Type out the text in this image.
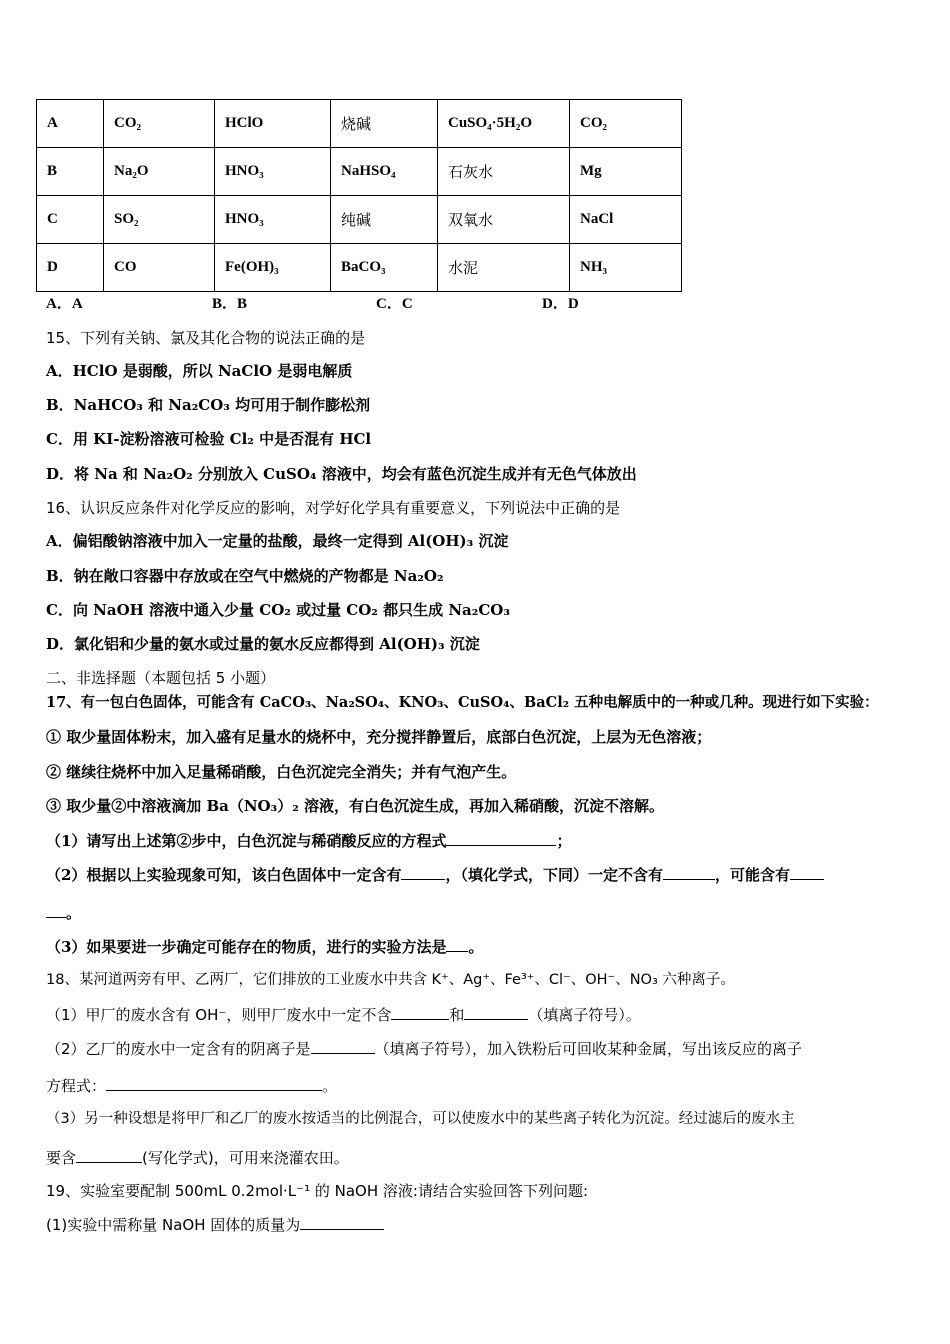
A	CO₂	HClO	烧碱	CuSO₄·5H₂O	CO₂
B	Na₂O	HNO₃	NaHSO₄	石灰水	Mg
C	SO₂	HNO₃	纯碱	双氧水	NaCl
D	CO	Fe(OH)₃	BaCO₃	水泥	NH₃
A．A	B．B	C．C	D．D
15、下列有关钠、氯及其化合物的说法正确的是
A．HClO 是弱酸，所以 NaClO 是弱电解质
B．NaHCO₃ 和 Na₂CO₃ 均可用于制作膨松剂
C．用 KI-淀粉溶液可检验 Cl₂ 中是否混有 HCl
D．将 Na 和 Na₂O₂ 分别放入 CuSO₄ 溶液中，均会有蓝色沉淀生成并有无色气体放出
16、认识反应条件对化学反应的影响，对学好化学具有重要意义，下列说法中正确的是
A．偏铝酸钠溶液中加入一定量的盐酸，最终一定得到 Al(OH)₃ 沉淀
B．钠在敞口容器中存放或在空气中燃烧的产物都是 Na₂O₂
C．向 NaOH 溶液中通入少量 CO₂ 或过量 CO₂ 都只生成 Na₂CO₃
D．氯化铝和少量的氨水或过量的氨水反应都得到 Al(OH)₃ 沉淀
二、非选择题（本题包括 5 小题）
17、有一包白色固体，可能含有 CaCO₃、Na₂SO₄、KNO₃、CuSO₄、BaCl₂ 五种电解质中的一种或几种。现进行如下实验：
① 取少量固体粉末，加入盛有足量水的烧杯中，充分搅拌静置后，底部白色沉淀，上层为无色溶液；
② 继续往烧杯中加入足量稀硝酸，白色沉淀完全消失；并有气泡产生。
③ 取少量②中溶液滴加 Ba（NO₃）₂ 溶液，有白色沉淀生成，再加入稀硝酸，沉淀不溶解。
（1）请写出上述第②步中，白色沉淀与稀硝酸反应的方程式	；
（2）根据以上实验现象可知，该白色固体中一定含有	，（填化学式，下同）一定不含有	，可能含有
。
（3）如果要进一步确定可能存在的物质，进行的实验方法是 。
18、某河道两旁有甲、乙两厂，它们排放的工业废水中共含 K⁺、Ag⁺、Fe³⁺、Cl⁻、OH⁻、NO₃ 六种离子。
（1）甲厂的废水含有 OH⁻，则甲厂废水中一定不含	和	（填离子符号）。
（2）乙厂的废水中一定含有的阴离子是	（填离子符号），加入铁粉后可回收某种金属，写出该反应的离子
方程式：	。
（3）另一种设想是将甲厂和乙厂的废水按适当的比例混合，可以使废水中的某些离子转化为沉淀。经过滤后的废水主
要含	(写化学式)，可用来浇灌农田。
19、实验室要配制 500mL 0.2mol·L⁻¹ 的 NaOH 溶液:请结合实验回答下列问题:
(1)实验中需称量 NaOH 固体的质量为
